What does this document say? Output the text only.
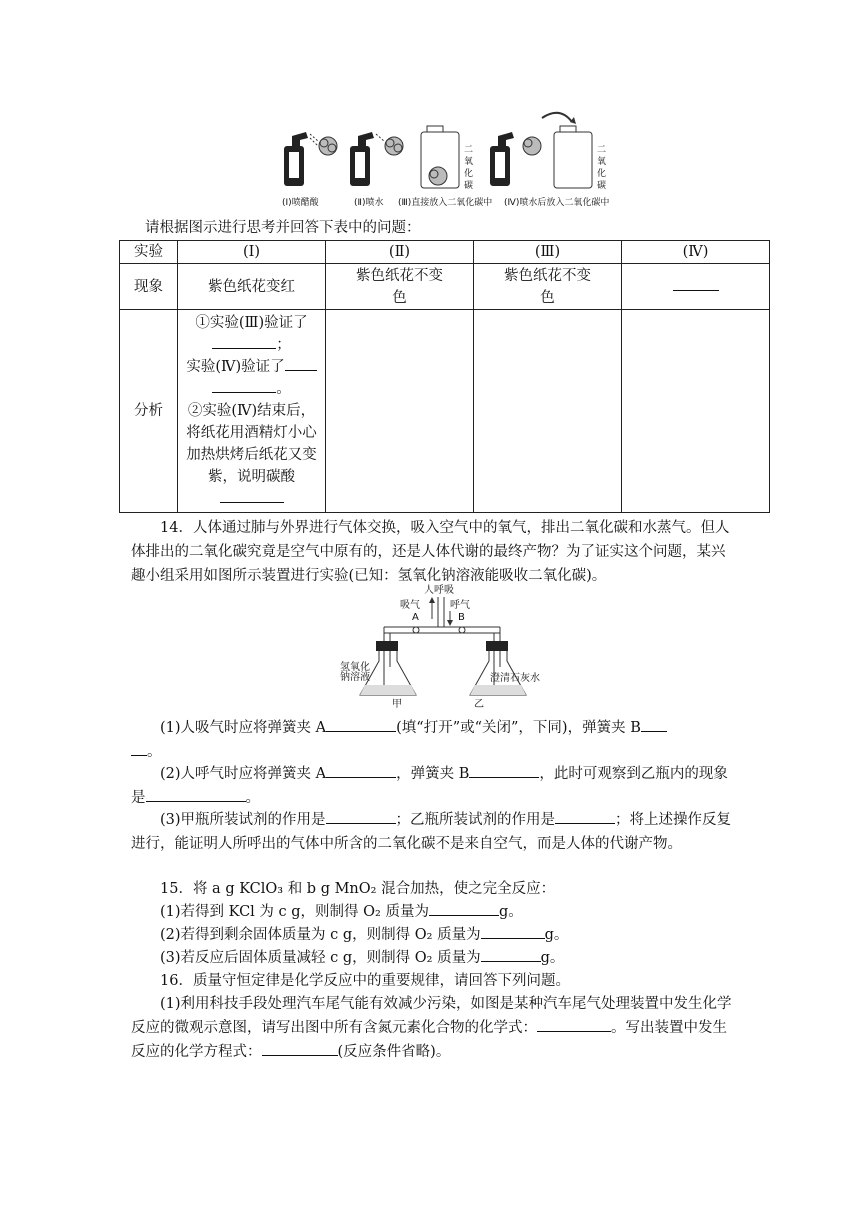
二
氧
化
碳
二
氧
化
碳
(Ⅰ)喷醋酸	(Ⅱ)喷水 (Ⅲ)直接放入二氧化碳中 (Ⅳ)喷水后放入二氧化碳中
请根据图示进行思考并回答下表中的问题：
实验	(Ⅰ)	(Ⅱ)	(Ⅲ)	(Ⅳ)
现象	紫色纸花变红	紫色纸花不变色	紫色纸花不变色	

分析	①实验(Ⅲ)验证了
；
实验(Ⅳ)验证了
。
②实验(Ⅳ)结束后，将纸花用酒精灯小心加热烘烤后纸花又变紫，说明碳酸			

14．人体通过肺与外界进行气体交换，吸入空气中的氧气，排出二氧化碳和水蒸气。但人体排出的二氧化碳究竟是空气中原有的，还是人体代谢的最终产物？为了证实这个问题，某兴趣小组采用如图所示装置进行实验(已知：氢氧化钠溶液能吸收二氧化碳)。
人呼吸
吸气	呼气
A	B
氢氧化
钠溶液	澄清石灰水
甲	乙
(1)人吸气时应将弹簧夹 A	(填“打开”或“关闭”，下同)，弹簧夹 B
。
(2)人呼气时应将弹簧夹 A	，弹簧夹 B	，此时可观察到乙瓶内的现象是	。
(3)甲瓶所装试剂的作用是	；乙瓶所装试剂的作用是	；将上述操作反复进行，能证明人所呼出的气体中所含的二氧化碳不是来自空气，而是人体的代谢产物。
15．将 a g KClO₃ 和 b g MnO₂ 混合加热，使之完全反应：
(1)若得到 KCl 为 c g，则制得 O₂ 质量为	g。
(2)若得到剩余固体质量为 c g，则制得 O₂ 质量为	g。
(3)若反应后固体质量减轻 c g，则制得 O₂ 质量为	g。
16．质量守恒定律是化学反应中的重要规律，请回答下列问题。
(1)利用科技手段处理汽车尾气能有效减少污染，如图是某种汽车尾气处理装置中发生化学反应的微观示意图，请写出图中所有含氮元素化合物的化学式：	。写出装置中发生反应的化学方程式：	(反应条件省略)。
